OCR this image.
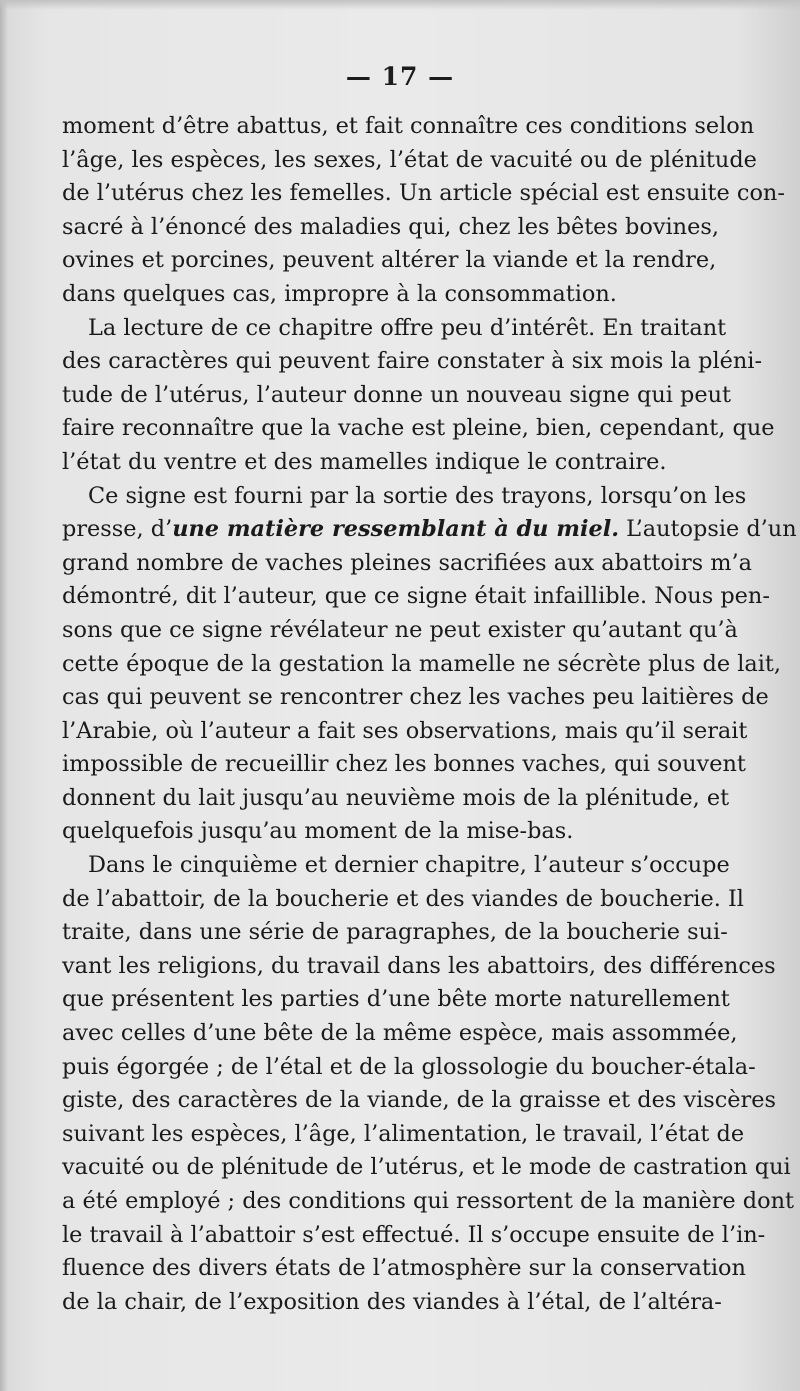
— 17 —
moment d’être abattus, et fait connaître ces conditions selon
l’âge, les espèces, les sexes, l’état de vacuité ou de plénitude
de l’utérus chez les femelles. Un article spécial est ensuite con-
sacré à l’énoncé des maladies qui, chez les bêtes bovines,
ovines et porcines, peuvent altérer la viande et la rendre,
dans quelques cas, impropre à la consommation.
La lecture de ce chapitre offre peu d’intérêt. En traitant
des caractères qui peuvent faire constater à six mois la pléni-
tude de l’utérus, l’auteur donne un nouveau signe qui peut
faire reconnaître que la vache est pleine, bien, cependant, que
l’état du ventre et des mamelles indique le contraire.
Ce signe est fourni par la sortie des trayons, lorsqu’on les
presse, d’une matière ressemblant à du miel. L’autopsie d’un
grand nombre de vaches pleines sacrifiées aux abattoirs m’a
démontré, dit l’auteur, que ce signe était infaillible. Nous pen-
sons que ce signe révélateur ne peut exister qu’autant qu’à
cette époque de la gestation la mamelle ne sécrète plus de lait,
cas qui peuvent se rencontrer chez les vaches peu laitières de
l’Arabie, où l’auteur a fait ses observations, mais qu’il serait
impossible de recueillir chez les bonnes vaches, qui souvent
donnent du lait jusqu’au neuvième mois de la plénitude, et
quelquefois jusqu’au moment de la mise-bas.
Dans le cinquième et dernier chapitre, l’auteur s’occupe
de l’abattoir, de la boucherie et des viandes de boucherie. Il
traite, dans une série de paragraphes, de la boucherie sui-
vant les religions, du travail dans les abattoirs, des différences
que présentent les parties d’une bête morte naturellement
avec celles d’une bête de la même espèce, mais assommée,
puis égorgée ; de l’étal et de la glossologie du boucher-étala-
giste, des caractères de la viande, de la graisse et des viscères
suivant les espèces, l’âge, l’alimentation, le travail, l’état de
vacuité ou de plénitude de l’utérus, et le mode de castration qui
a été employé ; des conditions qui ressortent de la manière dont
le travail à l’abattoir s’est effectué. Il s’occupe ensuite de l’in-
fluence des divers états de l’atmosphère sur la conservation
de la chair, de l’exposition des viandes à l’étal, de l’altéra-
